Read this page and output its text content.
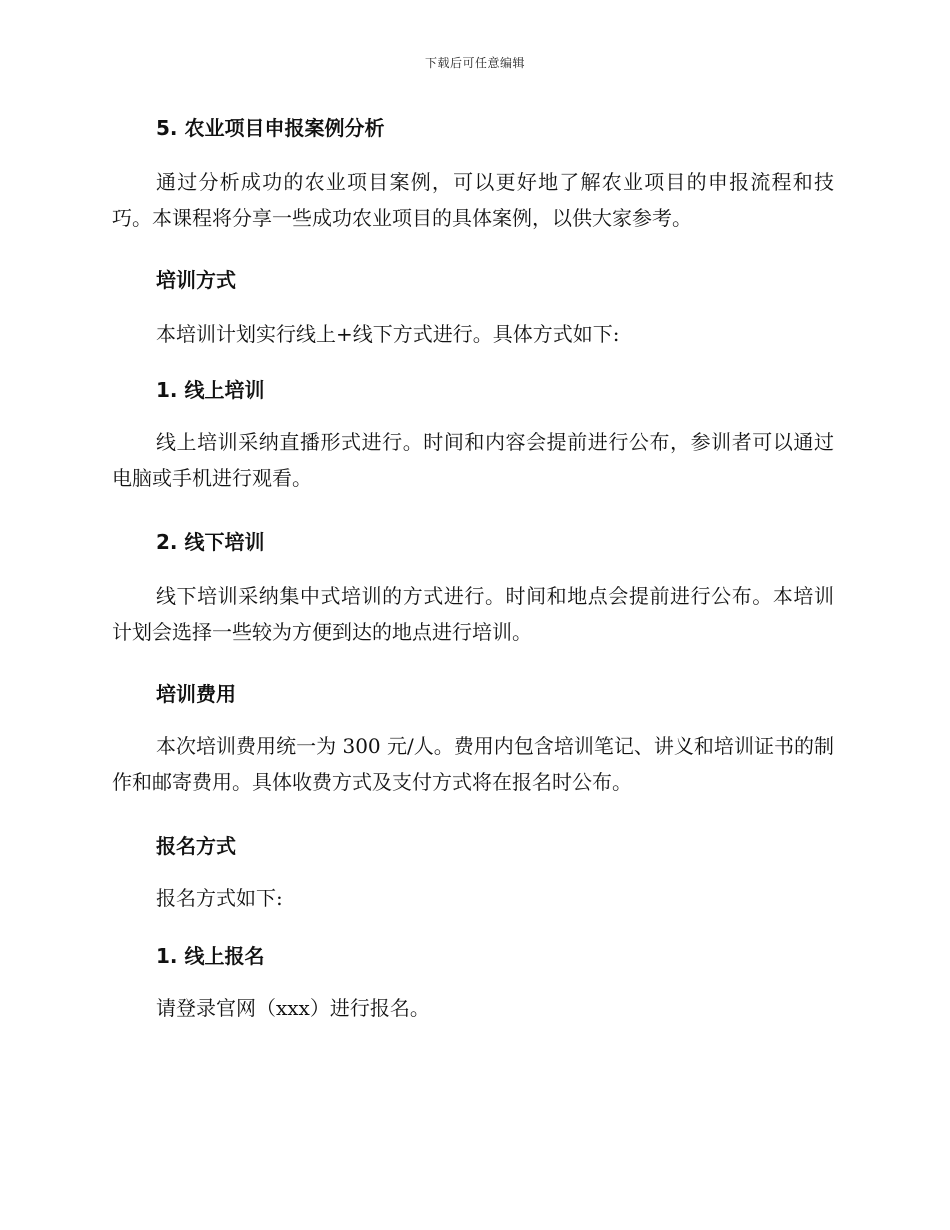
下载后可任意编辑
5. 农业项目申报案例分析
通过分析成功的农业项目案例，可以更好地了解农业项目的申报流程和技巧。本课程将分享一些成功农业项目的具体案例，以供大家参考。
培训方式
本培训计划实行线上+线下方式进行。具体方式如下:
1. 线上培训
线上培训采纳直播形式进行。时间和内容会提前进行公布，参训者可以通过电脑或手机进行观看。
2. 线下培训
线下培训采纳集中式培训的方式进行。时间和地点会提前进行公布。本培训计划会选择一些较为方便到达的地点进行培训。
培训费用
本次培训费用统一为 300 元/人。费用内包含培训笔记、讲义和培训证书的制作和邮寄费用。具体收费方式及支付方式将在报名时公布。
报名方式
报名方式如下:
1. 线上报名
请登录官网（xxx）进行报名。
